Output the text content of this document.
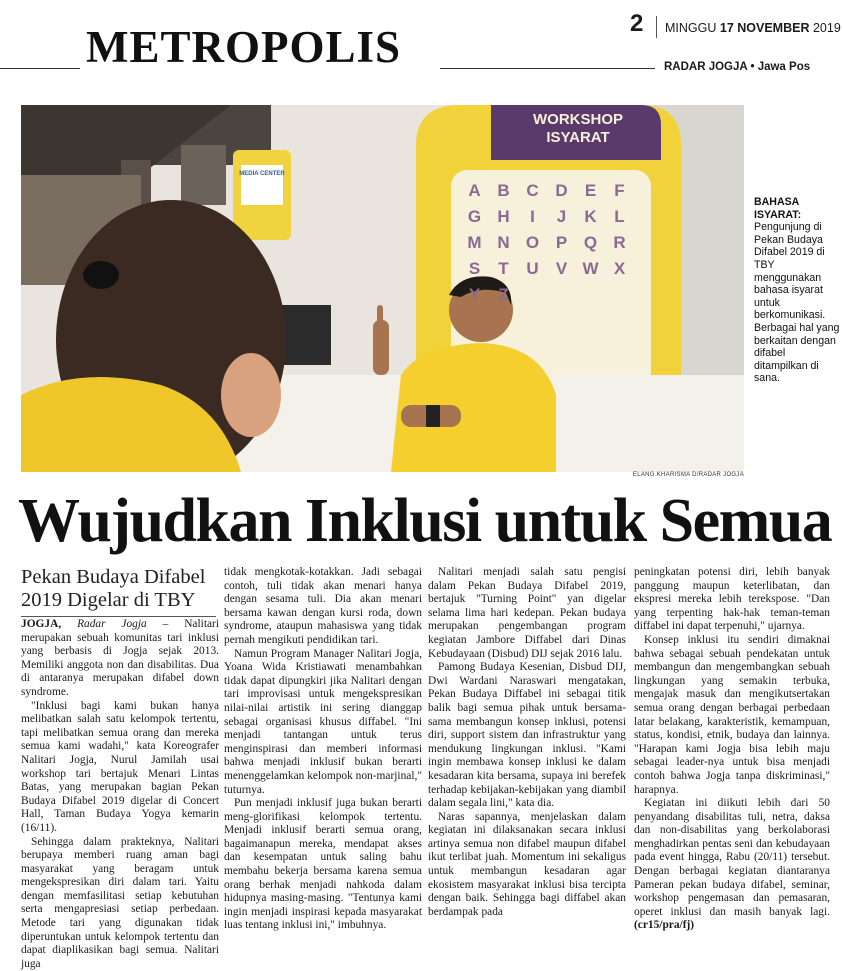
METROPOLIS	2 MINGGU 17 NOVEMBER 2019
RADAR JOGJA • Jawa Pos
WORKSHOP
ISYARAT
A B C D	E	F
G H	I	J	K	L
M N O P Q R
S	T	U	V W X
Y	Z
MEDIA CENTER
ELANG KHARISMA D/RADAR JOGJA
BAHASA ISYARAT:
Pengunjung di Pekan Budaya Difabel 2019 di TBY menggunakan bahasa isyarat untuk berkomunikasi. Berbagai hal yang berkaitan dengan difabel ditampilkan di sana.
Wujudkan Inklusi untuk Semua
Pekan Budaya Difabel 2019 Digelar di TBY

JOGJA, Radar Jogja – Nalitari merupakan sebuah komunitas tari inklusi yang berbasis di Jogja sejak 2013. Memiliki anggota non dan disabilitas. Dua di antaranya merupakan difabel down syndrome.

"Inklusi bagi kami bukan hanya melibatkan salah satu kelompok tertentu, tapi melibatkan semua orang dan mereka semua kami wadahi," kata Koreografer Nalitari Jogja, Nurul Jamilah usai workshop tari bertajuk Menari Lintas Batas, yang merupakan bagian Pekan Budaya Difabel 2019 digelar di Concert Hall, Taman Budaya Yogya kemarin (16/11).

Sehingga dalam prakteknya, Nalitari berupaya memberi ruang aman bagi masyarakat yang beragam untuk mengekspresikan diri dalam tari. Yaitu dengan memfasilitasi setiap kebutuhan serta mengapresiasi setiap perbedaan. Metode tari yang digunakan tidak diperuntukan untuk kelompok tertentu dan dapat diaplikasikan bagi semua. Nalitari juga

tidak mengkotak-kotakkan. Jadi sebagai contoh, tuli tidak akan menari hanya dengan sesama tuli. Dia akan menari bersama kawan dengan kursi roda, down syndrome, ataupun mahasiswa yang tidak pernah mengikuti pendidikan tari.

Namun Program Manager Nalitari Jogja, Yoana Wida Kristiawati menambahkan tidak dapat dipungkiri jika Nalitari dengan tari improvisasi untuk mengekspresikan nilai-nilai artistik ini sering dianggap sebagai organisasi khusus diffabel. "Ini menjadi tantangan untuk terus menginspirasi dan memberi informasi bahwa menjadi inklusif bukan berarti menenggelamkan kelompok non-marjinal," tuturnya.

Pun menjadi inklusif juga bukan berarti meng-glorifikasi kelompok tertentu. Menjadi inklusif berarti semua orang, bagaimanapun mereka, mendapat akses dan kesempatan untuk saling bahu membahu bekerja bersama karena semua orang berhak menjadi nahkoda dalam hidupnya masing-masing. "Tentunya kami ingin menjadi inspirasi kepada masyarakat luas tentang inklusi ini," imbuhnya.

Nalitari menjadi salah satu pengisi dalam Pekan Budaya Difabel 2019, bertajuk "Turning Point" yan digelar selama lima hari kedepan. Pekan budaya merupakan pengembangan program kegiatan Jambore Diffabel dari Dinas Kebudayaan (Disbud) DIJ sejak 2016 lalu.

Pamong Budaya Kesenian, Disbud DIJ, Dwi Wardani Naraswari mengatakan, Pekan Budaya Diffabel ini sebagai titik balik bagi semua pihak untuk bersama-sama membangun konsep inklusi, potensi diri, support sistem dan infrastruktur yang mendukung lingkungan inklusi. "Kami ingin membawa konsep inklusi ke dalam kesadaran kita bersama, supaya ini berefek terhadap kebijakan-kebijakan yang diambil dalam segala lini," kata dia.

Naras sapannya, menjelaskan dalam kegiatan ini dilaksanakan secara inklusi artinya semua non difabel maupun difabel ikut terlibat juah. Momentum ini sekaligus untuk membangun kesadaran agar ekosistem masyarakat inklusi bisa tercipta dengan baik. Sehingga bagi diffabel akan berdampak pada

peningkatan potensi diri, lebih banyak panggung maupun keterlibatan, dan ekspresi mereka lebih terekspose. "Dan yang terpenting hak-hak teman-teman diffabel ini dapat terpenuhi," ujarnya.

Konsep inklusi itu sendiri dimaknai bahwa sebagai sebuah pendekatan untuk membangun dan mengembangkan sebuah lingkungan yang semakin terbuka, mengajak masuk dan mengikutsertakan semua orang dengan berbagai perbedaan latar belakang, karakteristik, kemampuan, status, kondisi, etnik, budaya dan lainnya. "Harapan kami Jogja bisa lebih maju sebagai leader-nya untuk bisa menjadi contoh bahwa Jogja tanpa diskriminasi," harapnya.

Kegiatan ini diikuti lebih dari 50 penyandang disabilitas tuli, netra, daksa dan non-disabilitas yang berkolaborasi menghadirkan pentas seni dan kebudayaan pada event hingga, Rabu (20/11) tersebut. Dengan berbagai kegiatan diantaranya Pameran pekan budaya difabel, seminar, workshop pengemasan dan pemasaran, operet inklusi dan masih banyak lagi. (cr15/pra/fj)
